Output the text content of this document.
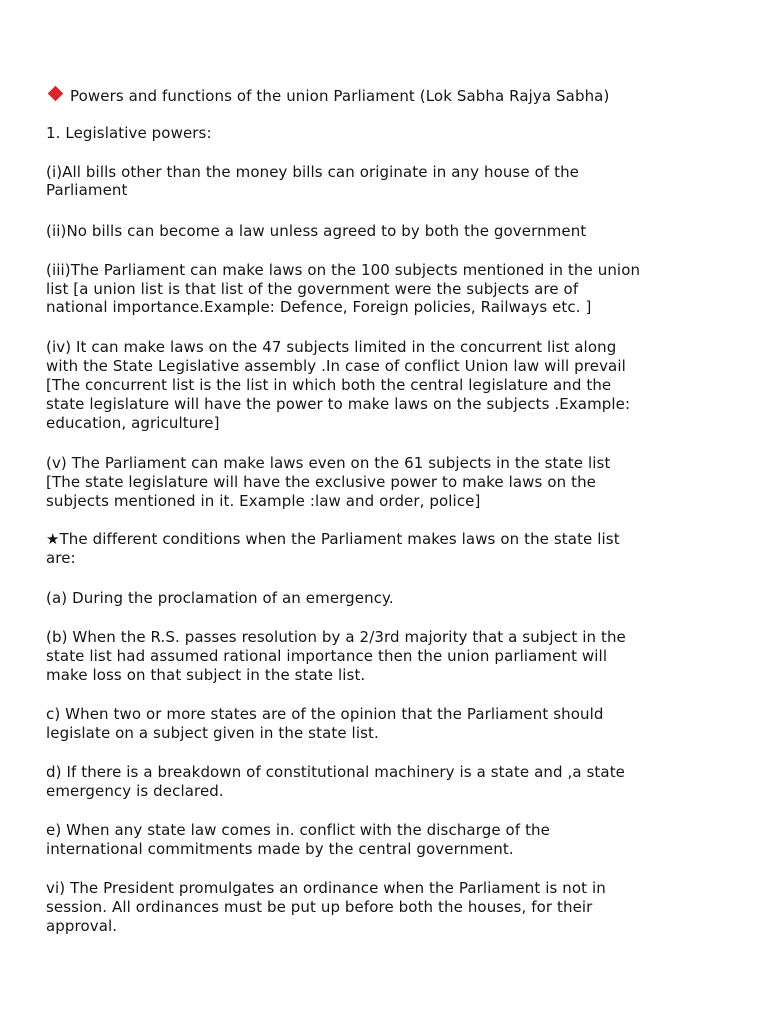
Powers and functions of the union Parliament (Lok Sabha Rajya Sabha)
1. Legislative powers:
(i)All bills other than the money bills can originate in any house of the
Parliament
(ii)No bills can become a law unless agreed to by both the government
(iii)The Parliament can make laws on the 100 subjects mentioned in the union
list [a union list is that list of the government were the subjects are of
national importance.Example: Defence, Foreign policies, Railways etc. ]
(iv) It can make laws on the 47 subjects limited in the concurrent list along
with the State Legislative assembly .In case of conflict Union law will prevail
[The concurrent list is the list in which both the central legislature and the
state legislature will have the power to make laws on the subjects .Example:
education, agriculture]
(v) The Parliament can make laws even on the 61 subjects in the state list
[The state legislature will have the exclusive power to make laws on the
subjects mentioned in it. Example :law and order, police]
★The different conditions when the Parliament makes laws on the state list
are:
(a) During the proclamation of an emergency.
(b) When the R.S. passes resolution by a 2/3rd majority that a subject in the
state list had assumed rational importance then the union parliament will
make loss on that subject in the state list.
c) When two or more states are of the opinion that the Parliament should
legislate on a subject given in the state list.
d) If there is a breakdown of constitutional machinery is a state and ,a state
emergency is declared.
e) When any state law comes in. conflict with the discharge of the
international commitments made by the central government.
vi) The President promulgates an ordinance when the Parliament is not in
session. All ordinances must be put up before both the houses, for their
approval.
